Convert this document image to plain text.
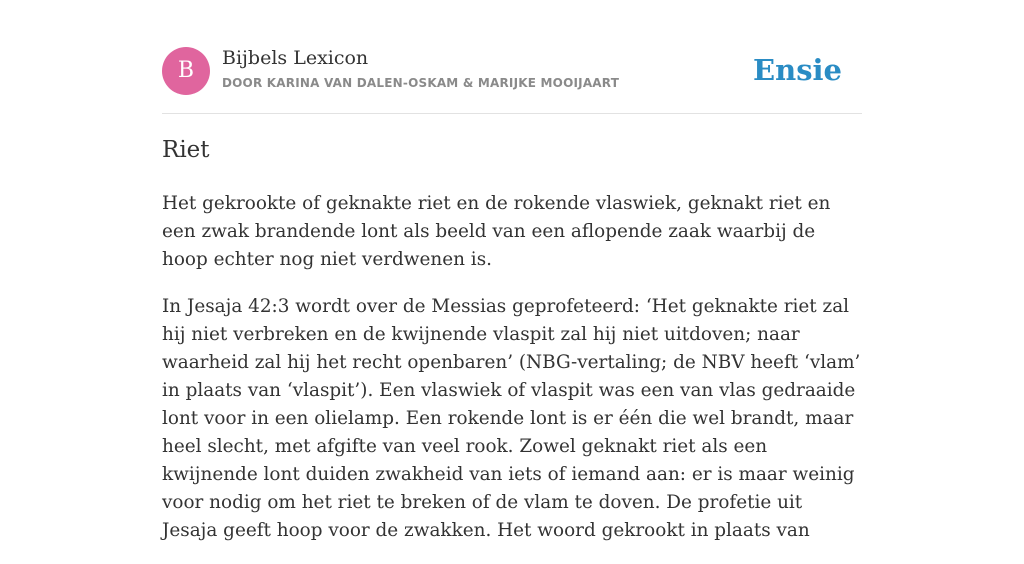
B	Bijbels Lexicon
DOOR KARINA VAN DALEN-OSKAM & MARIJKE MOOIJAART	Ensie
Riet

Het gekrookte of geknakte riet en de rokende vlaswiek, geknakt riet en een zwak brandende lont als beeld van een aflopende zaak waarbij de hoop echter nog niet verdwenen is.

In Jesaja 42:3 wordt over de Messias geprofeteerd: ‘Het geknakte riet zal hij niet verbreken en de kwijnende vlaspit zal hij niet uitdoven; naar waarheid zal hij het recht openbaren’ (NBG-vertaling; de NBV heeft ‘vlam’ in plaats van ‘vlaspit’). Een vlaswiek of vlaspit was een van vlas gedraaide lont voor in een olielamp. Een rokende lont is er één die wel brandt, maar heel slecht, met afgifte van veel rook. Zowel geknakt riet als een kwijnende lont duiden zwakheid van iets of iemand aan: er is maar weinig voor nodig om het riet te breken of de vlam te doven. De profetie uit Jesaja geeft hoop voor de zwakken. Het woord gekrookt in plaats van
